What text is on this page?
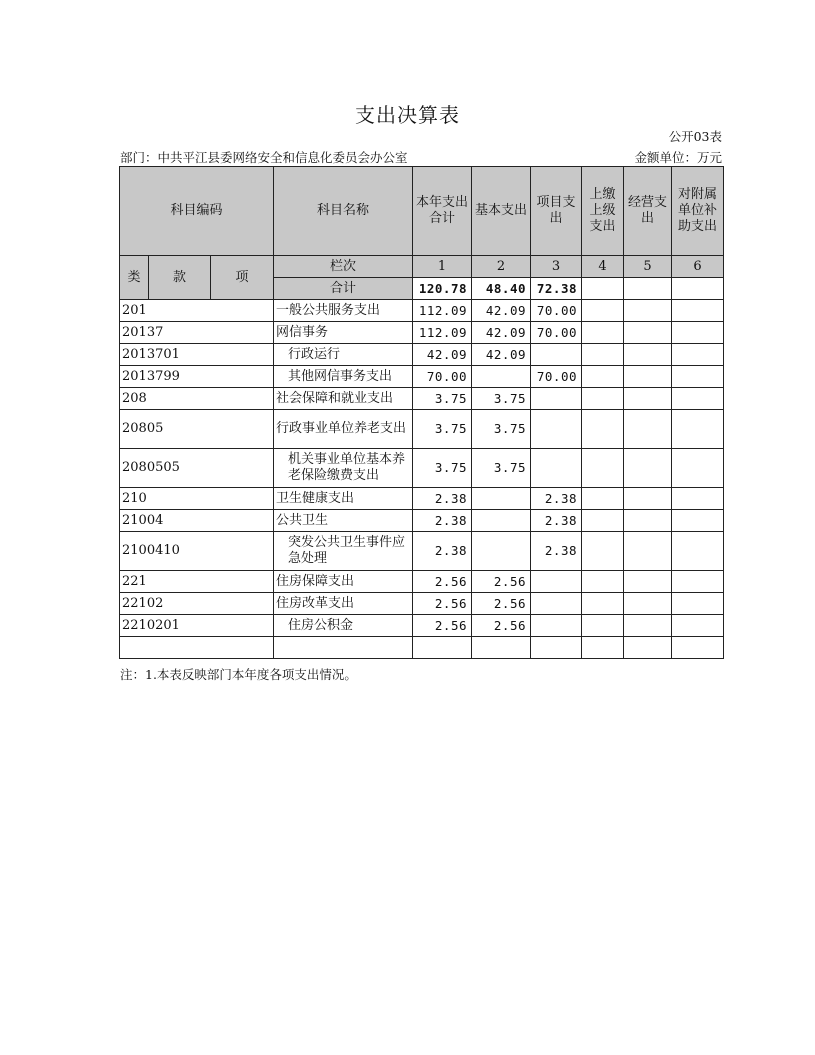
支出决算表
公开03表
部门：中共平江县委网络安全和信息化委员会办公室	金额单位：万元
科目编码			科目名称	本年支出合计	基本支出	项目支出	上缴上级支出	经营支出	对附属单位补助支出
类	款	项	栏次	1	2	3	4	5	6
			合计	120.78	48.40	72.38			
201			一般公共服务支出	112.09	42.09	70.00			
20137			网信事务	112.09	42.09	70.00			
2013701			行政运行	42.09	42.09				
2013799			其他网信事务支出	70.00		70.00			
208			社会保障和就业支出	3.75	3.75				
20805			行政事业单位养老支出	3.75	3.75				
2080505			机关事业单位基本养老保险缴费支出	3.75	3.75				
210			卫生健康支出	2.38		2.38			
21004			公共卫生	2.38		2.38			
2100410			突发公共卫生事件应急处理	2.38		2.38			
221			住房保障支出	2.56	2.56				
22102			住房改革支出	2.56	2.56				
2210201			住房公积金	2.56	2.56				

注：1.本表反映部门本年度各项支出情况。
